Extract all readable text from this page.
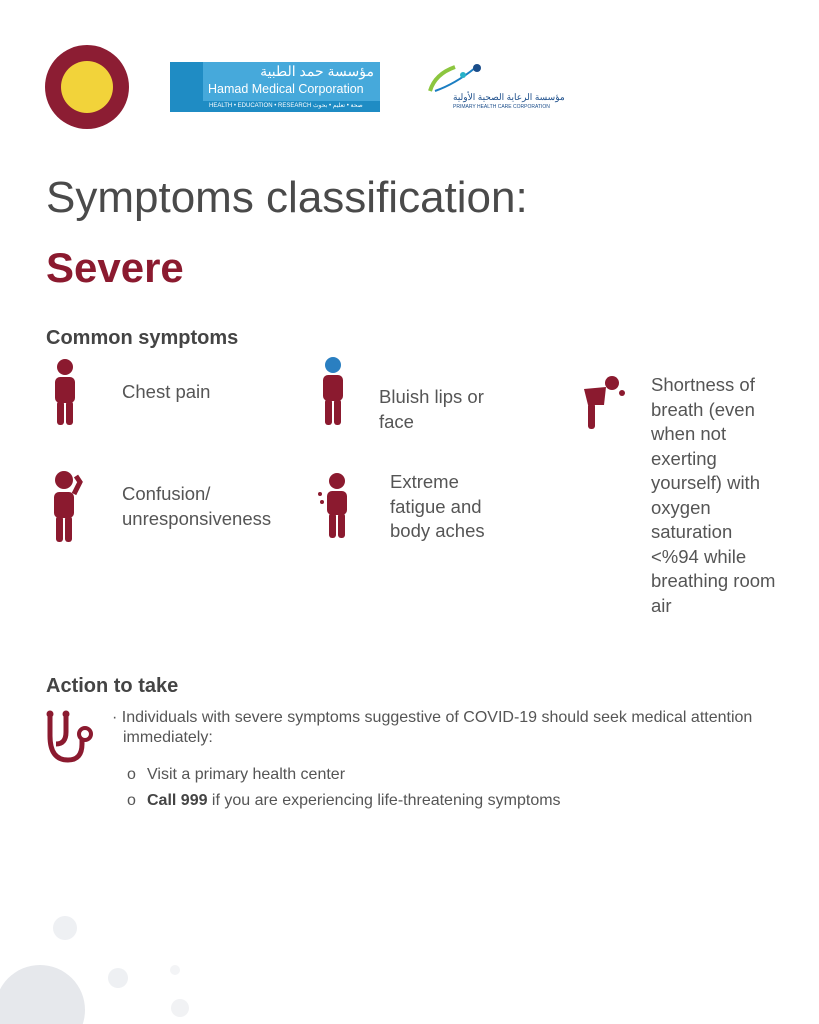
مؤسسة حمد الطبية
Hamad Medical Corporation
HEALTH • EDUCATION • RESEARCH صحة • تعليم • بحوث
مؤسسة الرعاية الصحية الأولية
PRIMARY HEALTH CARE CORPORATION
Symptoms classification:
Severe
Common symptoms
Chest pain	Bluish lips or face
Shortness of breath (even when not exerting yourself) with oxygen saturation <%94 while breathing room air
Confusion/ unresponsiveness
Extreme fatigue and body aches
Action to take
· Individuals with severe symptoms suggestive of COVID-19 should seek medical attention immediately:
o Visit a primary health center
o Call 999 if you are experiencing life-threatening symptoms
